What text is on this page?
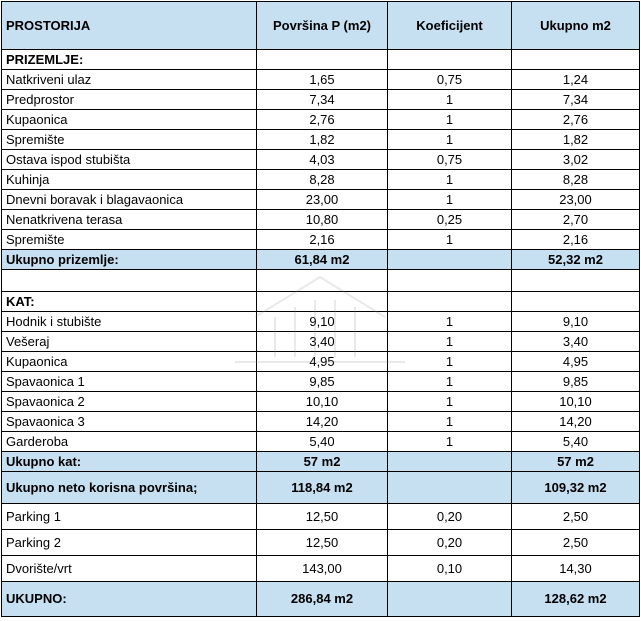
PROSTORIJA	Površina P (m2)	Koeficijent	Ukupno m2
PRIZEMLJE:			
Natkriveni ulaz	1,65	0,75	1,24
Predprostor	7,34	1	7,34
Kupaonica	2,76	1	2,76
Spremište	1,82	1	1,82
Ostava ispod stubišta	4,03	0,75	3,02
Kuhinja	8,28	1	8,28
Dnevni boravak i blagavaonica	23,00	1	23,00
Nenatkrivena terasa	10,80	0,25	2,70
Spremište	2,16	1	2,16
Ukupno prizemlje:	61,84 m2		52,32 m2

KAT:			
Hodnik i stubište	9,10	1	9,10
Vešeraj	3,40	1	3,40
Kupaonica	4,95	1	4,95
Spavaonica 1	9,85	1	9,85
Spavaonica 2	10,10	1	10,10
Spavaonica 3	14,20	1	14,20
Garderoba	5,40	1	5,40
Ukupno kat:	57 m2		57 m2
Ukupno neto korisna površina;	118,84 m2		109,32 m2
Parking 1	12,50	0,20	2,50
Parking 2	12,50	0,20	2,50
Dvorište/vrt	143,00	0,10	14,30
UKUPNO:	286,84 m2		128,62 m2
